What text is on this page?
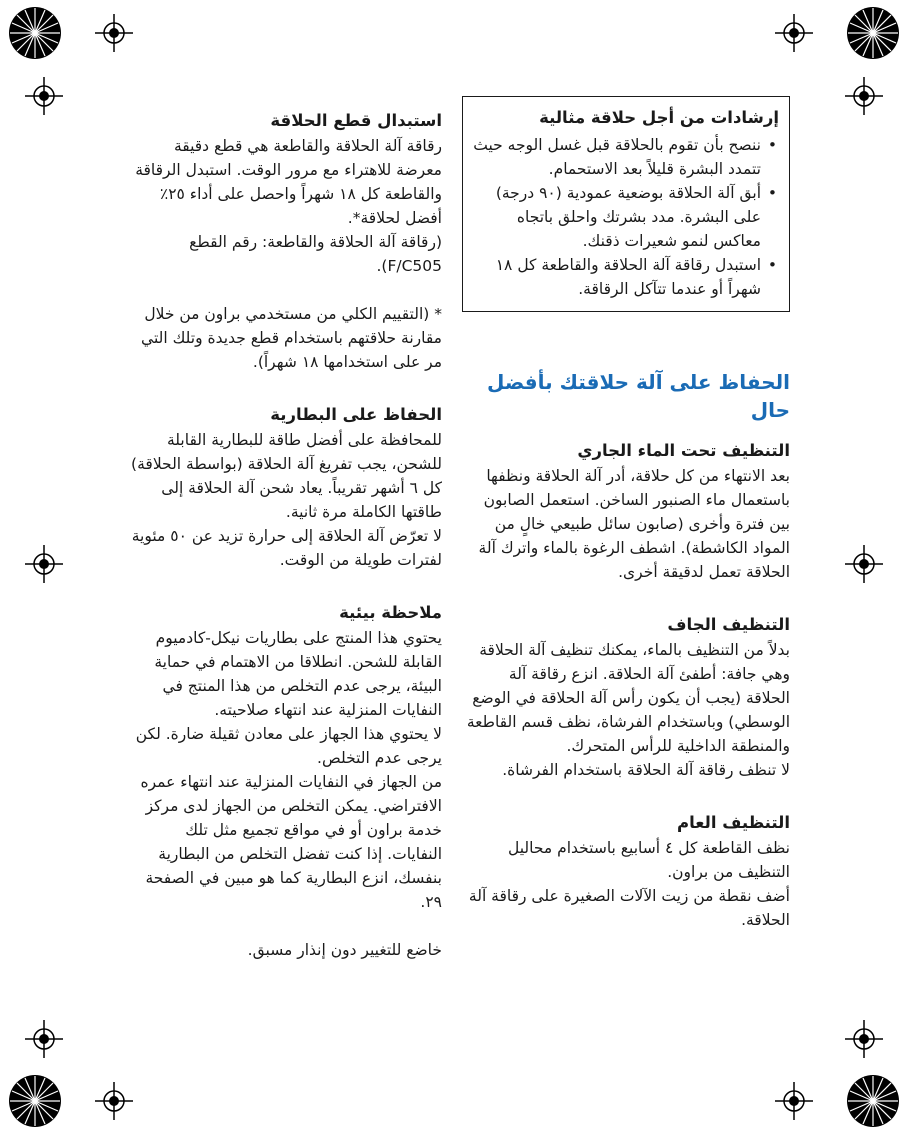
إرشادات من أجل حلاقة مثالية
• ننصح بأن تقوم بالحلاقة قبل غسل الوجه حيث تتمدد البشرة قليلاً بعد الاستحمام.
• أبق آلة الحلاقة بوضعية عمودية (٩٠ درجة) على البشرة. مدد بشرتك واحلق باتجاه معاكس لنمو شعيرات ذقنك.
• استبدل رقاقة آلة الحلاقة والقاطعة كل ١٨ شهراً أو عندما تتآكل الرقاقة.
الحفاظ على آلة حلاقتك بأفضل حال
التنظيف تحت الماء الجاري

بعد الانتهاء من كل حلاقة، أدر آلة الحلاقة ونظفها باستعمال ماء الصنبور الساخن. استعمل الصابون بين فترة وأخرى (صابون سائل طبيعي خالٍ من المواد الكاشطة). اشطف الرغوة بالماء واترك آلة الحلاقة تعمل لدقيقة أخرى.

التنظيف الجاف

بدلاً من التنظيف بالماء، يمكنك تنظيف آلة الحلاقة وهي جافة: أطفئ آلة الحلاقة. انزع رقاقة آلة الحلاقة (يجب أن يكون رأس آلة الحلاقة في الوضع الوسطي) وباستخدام الفرشاة، نظف قسم القاطعة والمنطقة الداخلية للرأس المتحرك.

لا تنظف رقاقة آلة الحلاقة باستخدام الفرشاة.

التنظيف العام

نظف القاطعة كل ٤ أسابيع باستخدام محاليل التنظيف من براون.

أضف نقطة من زيت الآلات الصغيرة على رقاقة آلة الحلاقة.

استبدال قطع الحلاقة

رقاقة آلة الحلاقة والقاطعة هي قطع دقيقة معرضة للاهتراء مع مرور الوقت. استبدل الرقاقة والقاطعة كل ١٨ شهراً واحصل على أداء ٢٥٪ أفضل لحلاقة*.

(رقاقة آلة الحلاقة والقاطعة: رقم القطع F/C505).

* (التقييم الكلي من مستخدمي براون من خلال مقارنة حلاقتهم باستخدام قطع جديدة وتلك التي مر على استخدامها ١٨ شهراً).

الحفاظ على البطارية

للمحافظة على أفضل طاقة للبطارية القابلة للشحن، يجب تفريغ آلة الحلاقة (بواسطة الحلاقة) كل ٦ أشهر تقريباً. يعاد شحن آلة الحلاقة إلى طاقتها الكاملة مرة ثانية.

لا تعرّض آلة الحلاقة إلى حرارة تزيد عن ٥٠ مئوية لفترات طويلة من الوقت.

ملاحظة بيئية

يحتوي هذا المنتج على بطاريات نيكل-كادميوم القابلة للشحن. انطلاقا من الاهتمام في حماية البيئة، يرجى عدم التخلص من هذا المنتج في النفايات المنزلية عند انتهاء صلاحيته.

لا يحتوي هذا الجهاز على معادن ثقيلة ضارة. لكن يرجى عدم التخلص.

من الجهاز في النفايات المنزلية عند انتهاء عمره الافتراضي. يمكن التخلص من الجهاز لدى مركز خدمة براون أو في مواقع تجميع مثل تلك النفايات. إذا كنت تفضل التخلص من البطارية بنفسك، انزع البطارية كما هو مبين في الصفحة ٢٩.

خاضع للتغيير دون إنذار مسبق.
